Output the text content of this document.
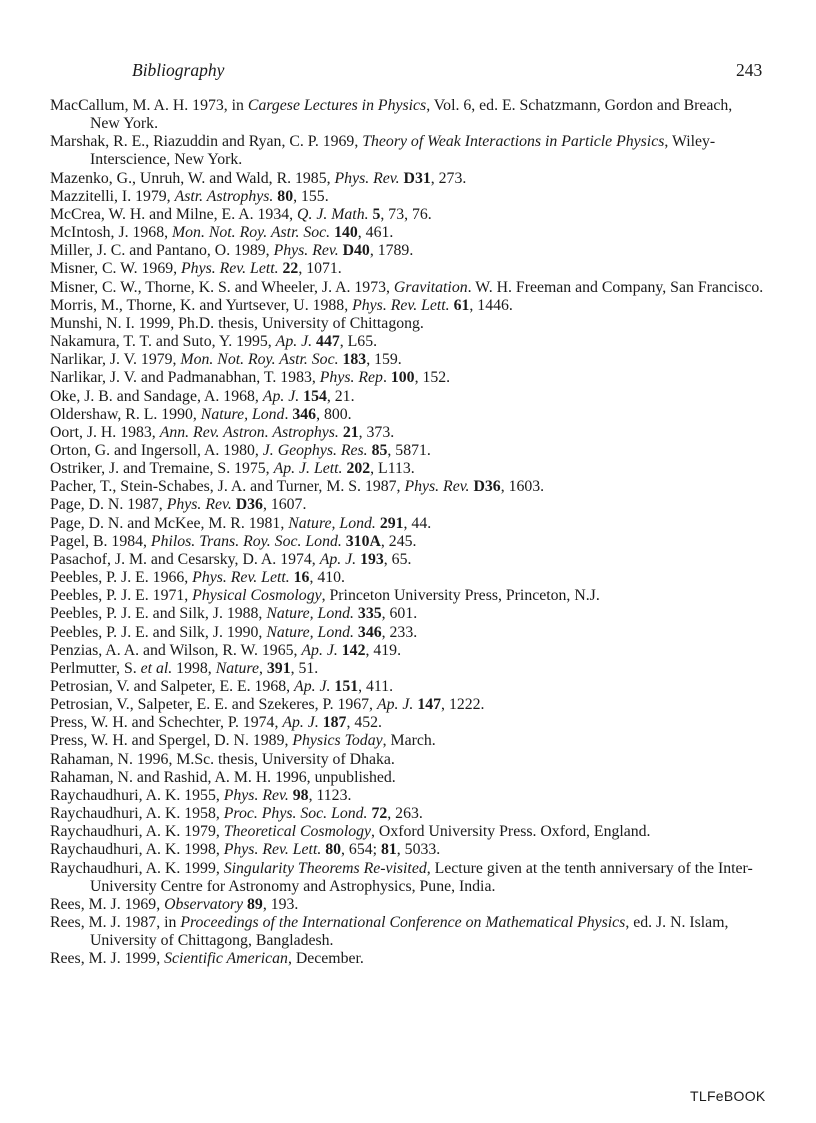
Bibliography	243
MacCallum, M. A. H. 1973, in Cargese Lectures in Physics, Vol. 6, ed. E. Schatzmann, Gordon and Breach, New York.
Marshak, R. E., Riazuddin and Ryan, C. P. 1969, Theory of Weak Interactions in Particle Physics, Wiley-Interscience, New York.
Mazenko, G., Unruh, W. and Wald, R. 1985, Phys. Rev. D31, 273.
Mazzitelli, I. 1979, Astr. Astrophys. 80, 155.
McCrea, W. H. and Milne, E. A. 1934, Q. J. Math. 5, 73, 76.
McIntosh, J. 1968, Mon. Not. Roy. Astr. Soc. 140, 461.
Miller, J. C. and Pantano, O. 1989, Phys. Rev. D40, 1789.
Misner, C. W. 1969, Phys. Rev. Lett. 22, 1071.
Misner, C. W., Thorne, K. S. and Wheeler, J. A. 1973, Gravitation. W. H. Freeman and Company, San Francisco.
Morris, M., Thorne, K. and Yurtsever, U. 1988, Phys. Rev. Lett. 61, 1446.
Munshi, N. I. 1999, Ph.D. thesis, University of Chittagong.
Nakamura, T. T. and Suto, Y. 1995, Ap. J. 447, L65.
Narlikar, J. V. 1979, Mon. Not. Roy. Astr. Soc. 183, 159.
Narlikar, J. V. and Padmanabhan, T. 1983, Phys. Rep. 100, 152.
Oke, J. B. and Sandage, A. 1968, Ap. J. 154, 21.
Oldershaw, R. L. 1990, Nature, Lond. 346, 800.
Oort, J. H. 1983, Ann. Rev. Astron. Astrophys. 21, 373.
Orton, G. and Ingersoll, A. 1980, J. Geophys. Res. 85, 5871.
Ostriker, J. and Tremaine, S. 1975, Ap. J. Lett. 202, L113.
Pacher, T., Stein-Schabes, J. A. and Turner, M. S. 1987, Phys. Rev. D36, 1603.
Page, D. N. 1987, Phys. Rev. D36, 1607.
Page, D. N. and McKee, M. R. 1981, Nature, Lond. 291, 44.
Pagel, B. 1984, Philos. Trans. Roy. Soc. Lond. 310A, 245.
Pasachof, J. M. and Cesarsky, D. A. 1974, Ap. J. 193, 65.
Peebles, P. J. E. 1966, Phys. Rev. Lett. 16, 410.
Peebles, P. J. E. 1971, Physical Cosmology, Princeton University Press, Princeton, N.J.
Peebles, P. J. E. and Silk, J. 1988, Nature, Lond. 335, 601.
Peebles, P. J. E. and Silk, J. 1990, Nature, Lond. 346, 233.
Penzias, A. A. and Wilson, R. W. 1965, Ap. J. 142, 419.
Perlmutter, S. et al. 1998, Nature, 391, 51.
Petrosian, V. and Salpeter, E. E. 1968, Ap. J. 151, 411.
Petrosian, V., Salpeter, E. E. and Szekeres, P. 1967, Ap. J. 147, 1222.
Press, W. H. and Schechter, P. 1974, Ap. J. 187, 452.
Press, W. H. and Spergel, D. N. 1989, Physics Today, March.
Rahaman, N. 1996, M.Sc. thesis, University of Dhaka.
Rahaman, N. and Rashid, A. M. H. 1996, unpublished.
Raychaudhuri, A. K. 1955, Phys. Rev. 98, 1123.
Raychaudhuri, A. K. 1958, Proc. Phys. Soc. Lond. 72, 263.
Raychaudhuri, A. K. 1979, Theoretical Cosmology, Oxford University Press. Oxford, England.
Raychaudhuri, A. K. 1998, Phys. Rev. Lett. 80, 654; 81, 5033.
Raychaudhuri, A. K. 1999, Singularity Theorems Re-visited, Lecture given at the tenth anniversary of the Inter-University Centre for Astronomy and Astrophysics, Pune, India.
Rees, M. J. 1969, Observatory 89, 193.
Rees, M. J. 1987, in Proceedings of the International Conference on Mathematical Physics, ed. J. N. Islam, University of Chittagong, Bangladesh.
Rees, M. J. 1999, Scientific American, December.
TLFeBOOK
